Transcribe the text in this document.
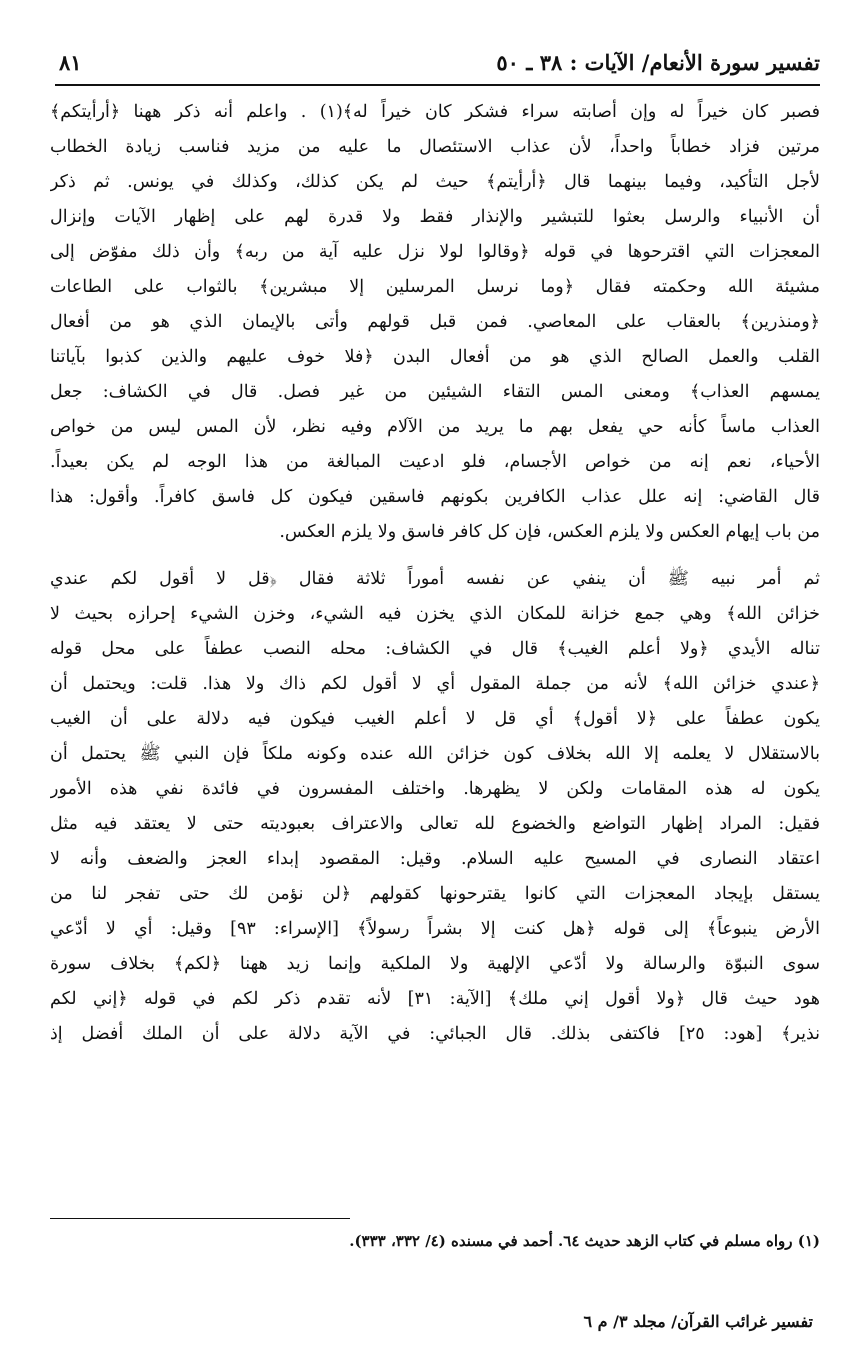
تفسير سورة الأنعام/ الآيات : ٣٨ ـ ٥٠
٨١

فصبر كان خيراً له وإن أصابته سراء فشكر كان خيراً له﴾(١) . واعلم أنه ذكر ههنا ﴿أرأيتكم﴾
مرتين فزاد خطاباً واحداً، لأن عذاب الاستئصال ما عليه من مزيد فناسب زيادة الخطاب
لأجل التأكيد، وفيما بينهما قال ﴿أرأيتم﴾ حيث لم يكن كذلك، وكذلك في يونس. ثم ذكر
أن الأنبياء والرسل بعثوا للتبشير والإنذار فقط ولا قدرة لهم على إظهار الآيات وإنزال
المعجزات التي اقترحوها في قوله ﴿وقالوا لولا نزل عليه آية من ربه﴾ وأن ذلك مفوّض إلى
مشيئة الله وحكمته فقال ﴿وما نرسل المرسلين إلا مبشرين﴾ بالثواب على الطاعات
﴿ومنذرين﴾ بالعقاب على المعاصي. فمن قبل قولهم وأتى بالإيمان الذي هو من أفعال
القلب والعمل الصالح الذي هو من أفعال البدن ﴿فلا خوف عليهم والذين كذبوا بآياتنا
يمسهم العذاب﴾ ومعنى المس التقاء الشيئين من غير فصل. قال في الكشاف: جعل
العذاب ماساً كأنه حي يفعل بهم ما يريد من الآلام وفيه نظر، لأن المس ليس من خواص
الأحياء، نعم إنه من خواص الأجسام، فلو ادعيت المبالغة من هذا الوجه لم يكن بعيداً.
قال القاضي: إنه علل عذاب الكافرين بكونهم فاسقين فيكون كل فاسق كافراً. وأقول: هذا
من باب إيهام العكس ولا يلزم العكس، فإن كل كافر فاسق ولا يلزم العكس.

ثم أمر نبيه ﷺ أن ينفي عن نفسه أموراً ثلاثة فقال ﴿قل لا أقول لكم عندي
خزائن الله﴾ وهي جمع خزانة للمكان الذي يخزن فيه الشيء، وخزن الشيء إحرازه بحيث لا
تناله الأيدي ﴿ولا أعلم الغيب﴾ قال في الكشاف: محله النصب عطفاً على محل قوله
﴿عندي خزائن الله﴾ لأنه من جملة المقول أي لا أقول لكم ذاك ولا هذا. قلت: ويحتمل أن
يكون عطفاً على ﴿لا أقول﴾ أي قل لا أعلم الغيب فيكون فيه دلالة على أن الغيب
بالاستقلال لا يعلمه إلا الله بخلاف كون خزائن الله عنده وكونه ملكاً فإن النبي ﷺ يحتمل أن
يكون له هذه المقامات ولكن لا يظهرها. واختلف المفسرون في فائدة نفي هذه الأمور
فقيل: المراد إظهار التواضع والخضوع لله تعالى والاعتراف بعبوديته حتى لا يعتقد فيه مثل
اعتقاد النصارى في المسيح عليه السلام. وقيل: المقصود إبداء العجز والضعف وأنه لا
يستقل بإيجاد المعجزات التي كانوا يقترحونها كقولهم ﴿لن نؤمن لك حتى تفجر لنا من
الأرض ينبوعاً﴾ إلى قوله ﴿هل كنت إلا بشراً رسولاً﴾ [الإسراء: ٩٣] وقيل: أي لا أدّعي
سوى النبوّة والرسالة ولا أدّعي الإلهية ولا الملكية وإنما زيد ههنا ﴿لكم﴾ بخلاف سورة
هود حيث قال ﴿ولا أقول إني ملك﴾ [الآية: ٣١] لأنه تقدم ذكر لكم في قوله ﴿إني لكم
نذير﴾ [هود: ٢٥] فاكتفى بذلك. قال الجبائي: في الآية دلالة على أن الملك أفضل إذ

(١) رواه مسلم في كتاب الزهد حديث ٦٤. أحمد في مسنده (٤/ ٣٣٢، ٣٣٣).
تفسير غرائب القرآن/ مجلد ٣/ م ٦
